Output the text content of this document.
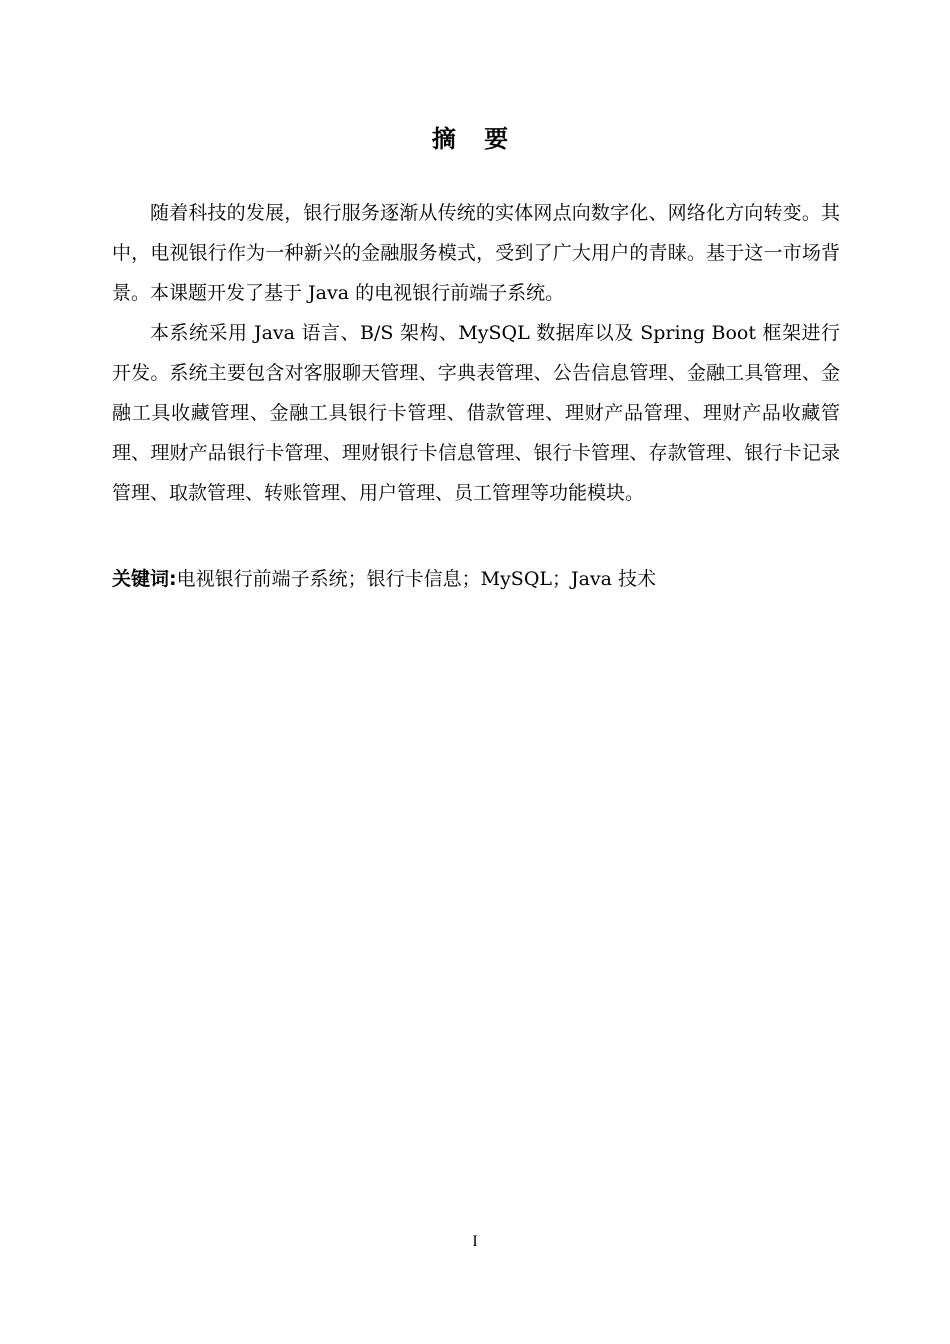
摘 要

随着科技的发展，银行服务逐渐从传统的实体网点向数字化、网络化方向转变。其中，电视银行作为一种新兴的金融服务模式，受到了广大用户的青睐。基于这一市场背景。本课题开发了基于 Java 的电视银行前端子系统。

本系统采用 Java 语言、B/S 架构、MySQL 数据库以及 Spring Boot 框架进行开发。系统主要包含对客服聊天管理、字典表管理、公告信息管理、金融工具管理、金融工具收藏管理、金融工具银行卡管理、借款管理、理财产品管理、理财产品收藏管理、理财产品银行卡管理、理财银行卡信息管理、银行卡管理、存款管理、银行卡记录管理、取款管理、转账管理、用户管理、员工管理等功能模块。

关键词:电视银行前端子系统；银行卡信息；MySQL；Java 技术
I
